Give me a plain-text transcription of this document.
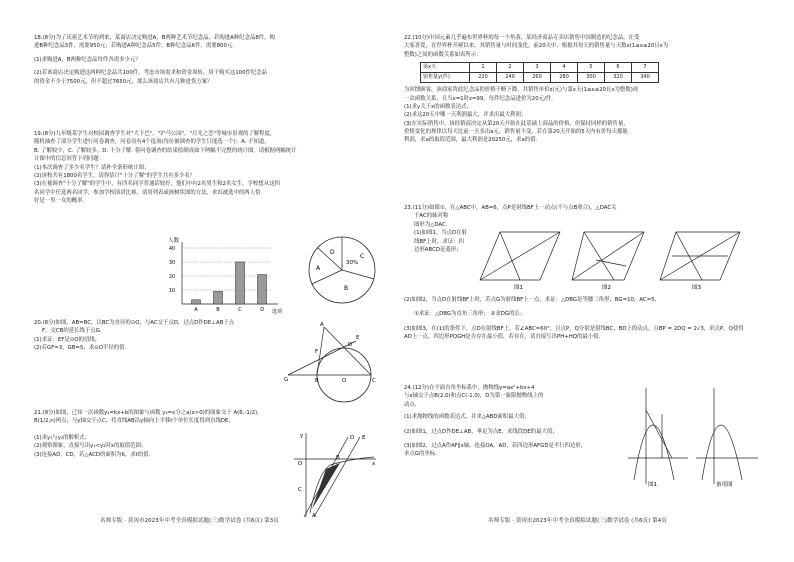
18.(8分)为了庆祝艺术节的到来，某商店决定购进A，B两种艺术节纪念品，若购进A种纪念品8件，购

进B种纪念品3件，需要950元；若购进A种纪念品5件，B种纪念品6件，需要800元.

(1)求购进A，B两种纪念品每件各需多少元？

(2)若该商店决定购进这两种纪念品共100件，考虑市场需求和资金周转，用于购买这100件纪念品

的资金不少于7500元，但不超过7650元，那么该商店共有几种进货方案？

19.(8分)九年级某学生对校园调查学生对"大下巴"，"沪马公园"，"月光之恋"等城市景观的了解程度，

随机抽查了部分学生进行问卷调查，问卷设有4个选项(每位被调查的学生只能选一个)：A. 不知道，

B. 了解较少，C. 了解较多，D. 十分了解. 将问卷调查的结果绘制成如下两幅不完整的统计图，请根据两幅统计

计图中的信息回答下列问题：

(1)本次调查了多少名学生？请补全条形统计图；

(2)该校共有1800名学生，请你估计"十分了解"的学生共有多少名？

(3)在被调查"十分了解"的学生中，有四名同学普通话较好，他们中有2名男生和2名女生，学校想从这四

名同学中任选两名同学，参加学校演讲比赛，请用列表或画树状图的方法，求出被选中的两人恰

好是一男一女的概率.

人数
10
20
30
40
A	B	C	D 选项
A
B
C
D
30%

20.(8分)如图，AB=BC，以BC为直径的⊙O，与AC交于点D，过点D作DE⊥AB于点

F，交CB的延长线于点G.

(1)求证：EF是⊙O的切线；

(2)若GF=3，GB=5，求⊙O半径的值.

A
D
F
E
G	B	O	C

21.(9分)如图，已知一次函数y₁=kx+b的图象与函数 y₂=x分之a(x>0)的图象交于 A(6,-1/2)，

B(1/2,n)两点，与y轴交于点C，将直线AB沿y轴向上平移t个单位长度得到直线DE，

(1)求y₁与y₂的解析式；

(2)观察图象，直接写出y₁<y₂时x的取值范围；

(3)连接AD，CD，若△ACD的面积为6，求t的值.

y	D E
O	x
C
B
A
名师专版 · 黄冈市2023年中考全真模拟试题(三)数学试卷 (共6页) 第3页

22.(10分)中国元素几乎遍布世界杯的每一个角落，某经济商品专卖店销售中国制造的纪念品，在受

大家喜爱，在世界杯开赛以来，其销售量与时间变化，前20天中，根据其每天的销售量与天数x(1≤x≤20且x为

整数)之间的函数关系如表所示：

第x天	1	2	3	4	5	6	7
销售量y(件)	220	240	260	280	300	320	340

为回馈顾客，该商家将此纪念品的价格不断下降，其销售单价z(元)与第x天(1≤x≤20且x为整数)成

一次函数关系，且当x=1时z=99，每件纪念品进价为20元/件.

(1)求y关于x的函数表达式；

(2)求这20天中哪一天利润最大，并求出最大利润；

(3)在实际销售中，该经销商决定从第20天开始在此基础上商品的价格，但保持同样的销售量，

价格变化的规律以每天比前一天多出a元，销售量不变，若在第20天开始的5天内有价每天都能

利润，求a的取值范围，最大利润是20250元，求a的值.

23.(11分)如图①，在△ABC中，AB=6，点P是射线BF上一动点(不与点B重合)，△DAC关

于AC的轴对称

图形为△DAC.

(1)如图1，当点D在射

线BF上时，求证：四

边形ABCD是菱形；

图1	图2	图3

(2)如图2，当点D在射线BF上时，若点G为射线BF上一点，求证：△DBG是等腰三角形；BG=10，AC=5，

①求证：△DBG为直角三角形； ②求DG的长；

(3)如图3，在(1)的条件下，点D在射线BF上，若∠ABC=60°，且点P，Q分别是射线BC，BD上的动点，且BP = 2DQ = 2√3，求点P，Q使得

AD上一点，四边形PQGH是否存在最小值，若存在，请直接写出PH+HQ的最小值.

24.(12分)在平面直角坐标系中，抛物线y=ax²+bx+4

与x轴交于点B(2,0)和点C(-1,0)，D为第一象限抛物线上的

动点.

(1)求抛物线的函数表达式，并求△ABD面积最大值；

(2)如图1，过点D作DE⊥AB，垂足为点E，求线段DE的最大值；

(3)如图2，过点A作AF∥x轴，连接OA，AD，若四边形AFGD是平行四边形，

求点G的坐标.

图1	备用图
名师专版 · 黄冈市2023年中考全真模拟试题(三)数学试卷 (共6页) 第4页
